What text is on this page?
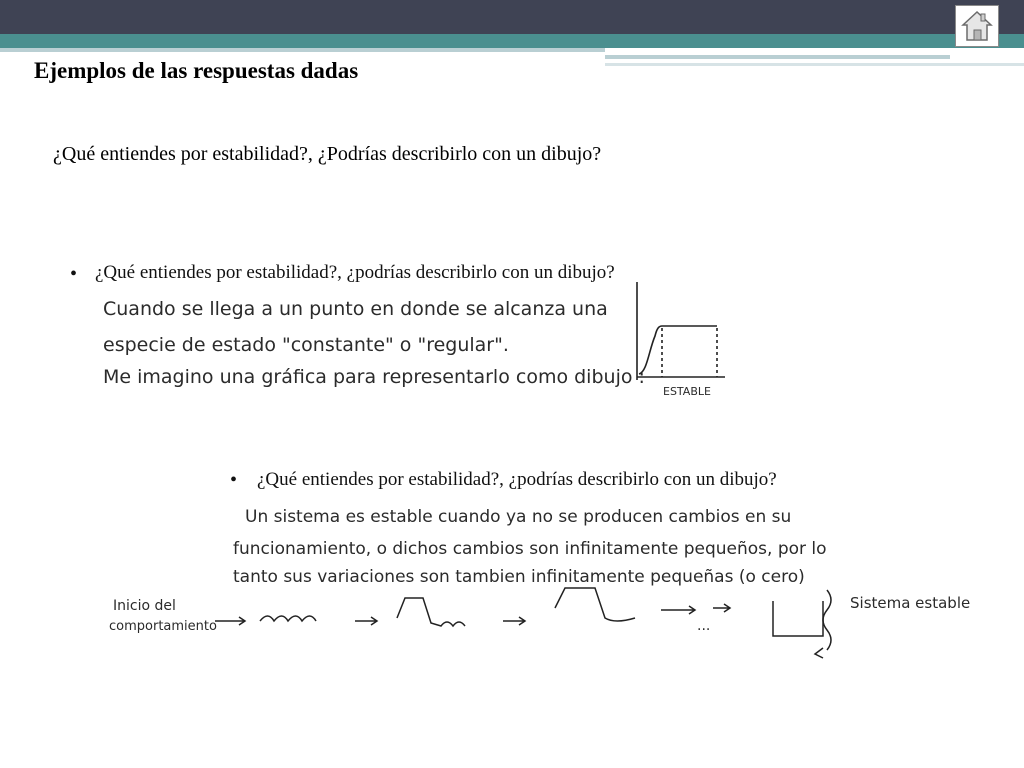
Ejemplos de las respuestas dadas
¿Qué entiendes por estabilidad?, ¿Podrías describirlo con un dibujo?
• ¿Qué entiendes por estabilidad?, ¿podrías describirlo con un dibujo?
Cuando se llega a un punto en donde se alcanza una
especie de estado "constante" o "regular".
Me imagino una gráfica para representarlo como dibujo :
ESTABLE
• ¿Qué entiendes por estabilidad?, ¿podrías describirlo con un dibujo?
Un sistema es estable cuando ya no se producen cambios en su
funcionamiento, o dichos cambios son infinitamente pequeños, por lo
tanto sus variaciones son tambien infinitamente pequeñas (o cero)
Inicio del
comportamiento	...
Sistema estable
